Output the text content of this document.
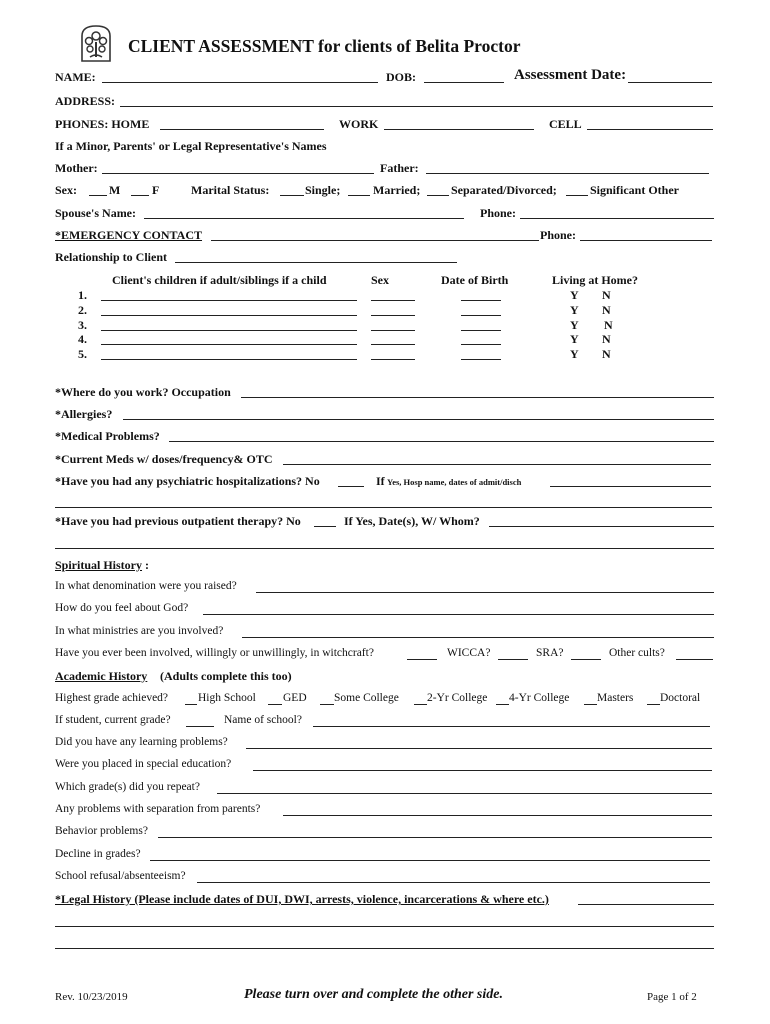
CLIENT ASSESSMENT for clients of Belita Proctor
NAME:	DOB:	Assessment Date:
ADDRESS:
PHONES: HOME	WORK	CELL
If a Minor, Parents' or Legal Representative's Names
Mother:	Father:
Sex:	M	F	Marital Status:	Single;	Married;	Separated/Divorced;	Significant Other
Spouse's Name:	Phone:
*EMERGENCY CONTACT	Phone:
Relationship to Client
Client's children if adult/siblings if a child	Sex	Date of Birth	Living at Home?
1.	Y N
2.	Y N
3.	Y N
4.	Y N
5.	Y N
*Where do you work? Occupation
*Allergies?
*Medical Problems?
*Current Meds w/ doses/frequency& OTC
*Have you had any psychiatric hospitalizations? No	If Yes, Hosp name, dates of admit/disch
*Have you had previous outpatient therapy? No	If Yes, Date(s), W/ Whom?
Spiritual History :
In what denomination were you raised?
How do you feel about God?
In what ministries are you involved?
Have you ever been involved, willingly or unwillingly, in witchcraft?	WICCA?	SRA?	Other cults?
Academic History (Adults complete this too)
Highest grade achieved?	High School GED Some College 2-Yr College 4-Yr College Masters Doctoral
If student, current grade?	Name of school?
Did you have any learning problems?
Were you placed in special education?
Which grade(s) did you repeat?
Any problems with separation from parents?
Behavior problems?
Decline in grades?
School refusal/absenteeism?
*Legal History (Please include dates of DUI, DWI, arrests, violence, incarcerations & where etc.)
Rev. 10/23/2019	Please turn over and complete the other side.	Page 1 of 2
